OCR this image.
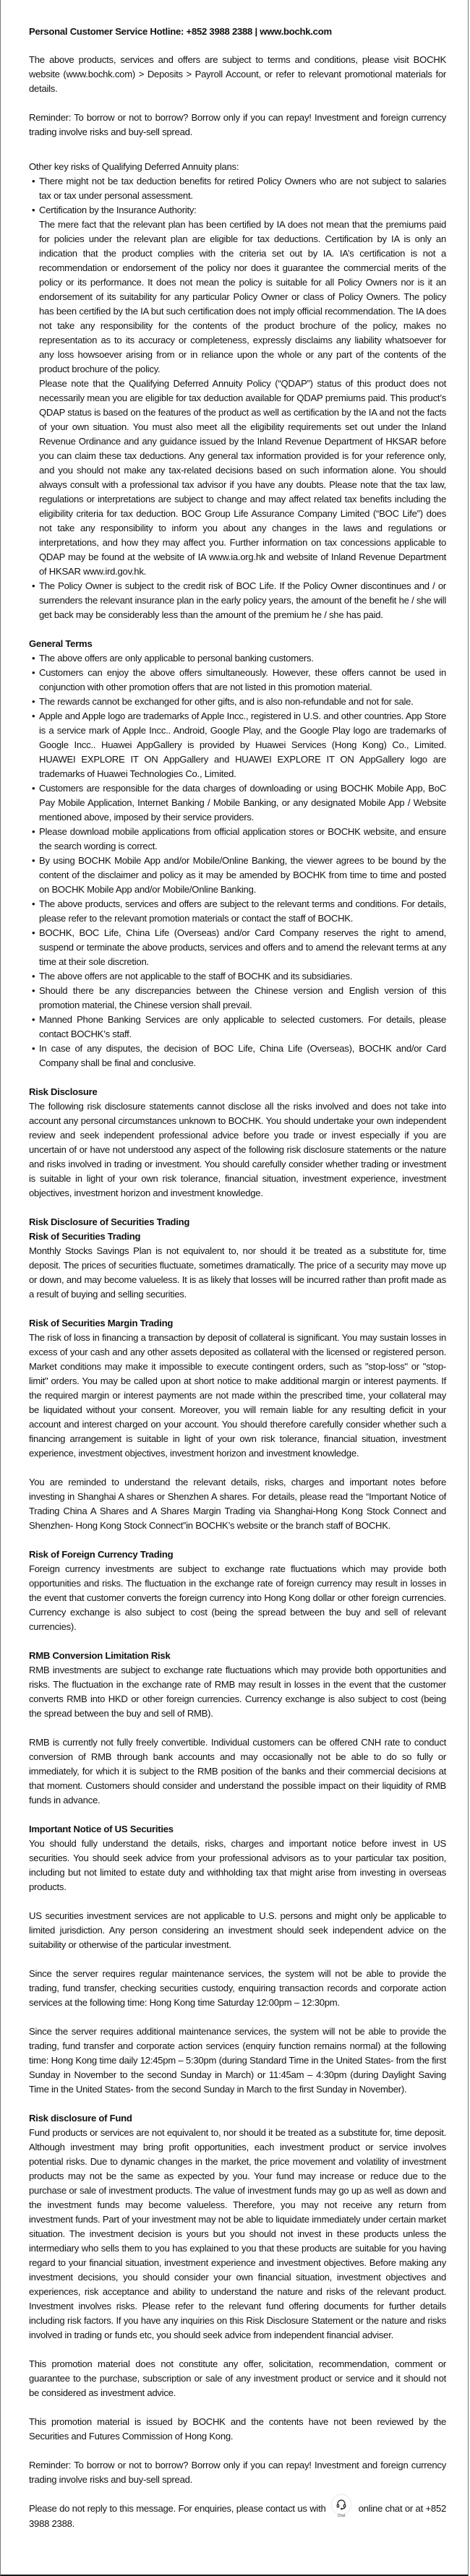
Personal Customer Service Hotline: +852 3988 2388 | www.bochk.com

The above products, services and offers are subject to terms and conditions, please visit BOCHK website (www.bochk.com) > Deposits > Payroll Account, or refer to relevant promotional materials for details.

Reminder: To borrow or not to borrow? Borrow only if you can repay! Investment and foreign currency trading involve risks and buy-sell spread.

Other key risks of Qualifying Deferred Annuity plans:

• There might not be tax deduction benefits for retired Policy Owners who are not subject to salaries tax or tax under personal assessment.
• Certification by the Insurance Authority:
The mere fact that the relevant plan has been certified by IA does not mean that the premiums paid for policies under the relevant plan are eligible for tax deductions. Certification by IA is only an indication that the product complies with the criteria set out by IA. IA’s certification is not a recommendation or endorsement of the policy nor does it guarantee the commercial merits of the policy or its performance. It does not mean the policy is suitable for all Policy Owners nor is it an endorsement of its suitability for any particular Policy Owner or class of Policy Owners. The policy has been certified by the IA but such certification does not imply official recommendation. The IA does not take any responsibility for the contents of the product brochure of the policy, makes no representation as to its accuracy or completeness, expressly disclaims any liability whatsoever for any loss howsoever arising from or in reliance upon the whole or any part of the contents of the product brochure of the policy.
Please note that the Qualifying Deferred Annuity Policy (“QDAP”) status of this product does not necessarily mean you are eligible for tax deduction available for QDAP premiums paid. This product’s QDAP status is based on the features of the product as well as certification by the IA and not the facts of your own situation. You must also meet all the eligibility requirements set out under the Inland Revenue Ordinance and any guidance issued by the Inland Revenue Department of HKSAR before you can claim these tax deductions. Any general tax information provided is for your reference only, and you should not make any tax-related decisions based on such information alone. You should always consult with a professional tax advisor if you have any doubts. Please note that the tax law, regulations or interpretations are subject to change and may affect related tax benefits including the eligibility criteria for tax deduction. BOC Group Life Assurance Company Limited (“BOC Life”) does not take any responsibility to inform you about any changes in the laws and regulations or interpretations, and how they may affect you. Further information on tax concessions applicable to QDAP may be found at the website of IA www.ia.org.hk and website of Inland Revenue Department of HKSAR www.ird.gov.hk.
• The Policy Owner is subject to the credit risk of BOC Life. If the Policy Owner discontinues and / or surrenders the relevant insurance plan in the early policy years, the amount of the benefit he / she will get back may be considerably less than the amount of the premium he / she has paid.

General Terms

• The above offers are only applicable to personal banking customers.
• Customers can enjoy the above offers simultaneously. However, these offers cannot be used in conjunction with other promotion offers that are not listed in this promotion material.
• The rewards cannot be exchanged for other gifts, and is also non-refundable and not for sale.
• Apple and Apple logo are trademarks of Apple Incc., registered in U.S. and other countries. App Store is a service mark of Apple Incc.. Android, Google Play, and the Google Play logo are trademarks of Google Incc.. Huawei AppGallery is provided by Huawei Services (Hong Kong) Co., Limited. HUAWEI EXPLORE IT ON AppGallery and HUAWEI EXPLORE IT ON AppGallery logo are trademarks of Huawei Technologies Co., Limited.
• Customers are responsible for the data charges of downloading or using BOCHK Mobile App, BoC Pay Mobile Application, Internet Banking / Mobile Banking, or any designated Mobile App / Website mentioned above, imposed by their service providers.
• Please download mobile applications from official application stores or BOCHK website, and ensure the search wording is correct.
• By using BOCHK Mobile App and/or Mobile/Online Banking, the viewer agrees to be bound by the content of the disclaimer and policy as it may be amended by BOCHK from time to time and posted on BOCHK Mobile App and/or Mobile/Online Banking.
• The above products, services and offers are subject to the relevant terms and conditions. For details, please refer to the relevant promotion materials or contact the staff of BOCHK.
• BOCHK, BOC Life, China Life (Overseas) and/or Card Company reserves the right to amend, suspend or terminate the above products, services and offers and to amend the relevant terms at any time at their sole discretion.
• The above offers are not applicable to the staff of BOCHK and its subsidiaries.
• Should there be any discrepancies between the Chinese version and English version of this promotion material, the Chinese version shall prevail.
• Manned Phone Banking Services are only applicable to selected customers. For details, please contact BOCHK’s staff.
• In case of any disputes, the decision of BOC Life, China Life (Overseas), BOCHK and/or Card Company shall be final and conclusive.

Risk Disclosure

The following risk disclosure statements cannot disclose all the risks involved and does not take into account any personal circumstances unknown to BOCHK. You should undertake your own independent review and seek independent professional advice before you trade or invest especially if you are uncertain of or have not understood any aspect of the following risk disclosure statements or the nature and risks involved in trading or investment. You should carefully consider whether trading or investment is suitable in light of your own risk tolerance, financial situation, investment experience, investment objectives, investment horizon and investment knowledge.

Risk Disclosure of Securities Trading

Risk of Securities Trading

Monthly Stocks Savings Plan is not equivalent to, nor should it be treated as a substitute for, time deposit. The prices of securities fluctuate, sometimes dramatically. The price of a security may move up or down, and may become valueless. It is as likely that losses will be incurred rather than profit made as a result of buying and selling securities.

Risk of Securities Margin Trading

The risk of loss in financing a transaction by deposit of collateral is significant. You may sustain losses in excess of your cash and any other assets deposited as collateral with the licensed or registered person. Market conditions may make it impossible to execute contingent orders, such as "stop-loss" or "stop- limit" orders. You may be called upon at short notice to make additional margin or interest payments. If the required margin or interest payments are not made within the prescribed time, your collateral may be liquidated without your consent. Moreover, you will remain liable for any resulting deficit in your account and interest charged on your account. You should therefore carefully consider whether such a financing arrangement is suitable in light of your own risk tolerance, financial situation, investment experience, investment objectives, investment horizon and investment knowledge.

You are reminded to understand the relevant details, risks, charges and important notes before investing in Shanghai A shares or Shenzhen A shares. For details, please read the “Important Notice of Trading China A Shares and A Shares Margin Trading via Shanghai-Hong Kong Stock Connect and Shenzhen- Hong Kong Stock Connect”in BOCHK’s website or the branch staff of BOCHK.

Risk of Foreign Currency Trading

Foreign currency investments are subject to exchange rate fluctuations which may provide both opportunities and risks. The fluctuation in the exchange rate of foreign currency may result in losses in the event that customer converts the foreign currency into Hong Kong dollar or other foreign currencies. Currency exchange is also subject to cost (being the spread between the buy and sell of relevant currencies).

RMB Conversion Limitation Risk

RMB investments are subject to exchange rate fluctuations which may provide both opportunities and risks. The fluctuation in the exchange rate of RMB may result in losses in the event that the customer converts RMB into HKD or other foreign currencies. Currency exchange is also subject to cost (being the spread between the buy and sell of RMB).

RMB is currently not fully freely convertible. Individual customers can be offered CNH rate to conduct conversion of RMB through bank accounts and may occasionally not be able to do so fully or immediately, for which it is subject to the RMB position of the banks and their commercial decisions at that moment. Customers should consider and understand the possible impact on their liquidity of RMB funds in advance.

Important Notice of US Securities

You should fully understand the details, risks, charges and important notice before invest in US securities. You should seek advice from your professional advisors as to your particular tax position, including but not limited to estate duty and withholding tax that might arise from investing in overseas products.

US securities investment services are not applicable to U.S. persons and might only be applicable to limited jurisdiction. Any person considering an investment should seek independent advice on the suitability or otherwise of the particular investment.

Since the server requires regular maintenance services, the system will not be able to provide the trading, fund transfer, checking securities custody, enquiring transaction records and corporate action services at the following time: Hong Kong time Saturday 12:00pm – 12:30pm.

Since the server requires additional maintenance services, the system will not be able to provide the trading, fund transfer and corporate action services (enquiry function remains normal) at the following time: Hong Kong time daily 12:45pm – 5:30pm (during Standard Time in the United States- from the first Sunday in November to the second Sunday in March) or 11:45am – 4:30pm (during Daylight Saving Time in the United States- from the second Sunday in March to the first Sunday in November).

Risk disclosure of Fund

Fund products or services are not equivalent to, nor should it be treated as a substitute for, time deposit. Although investment may bring profit opportunities, each investment product or service involves potential risks. Due to dynamic changes in the market, the price movement and volatility of investment products may not be the same as expected by you. Your fund may increase or reduce due to the purchase or sale of investment products. The value of investment funds may go up as well as down and the investment funds may become valueless. Therefore, you may not receive any return from investment funds. Part of your investment may not be able to liquidate immediately under certain market situation. The investment decision is yours but you should not invest in these products unless the intermediary who sells them to you has explained to you that these products are suitable for you having regard to your financial situation, investment experience and investment objectives. Before making any investment decisions, you should consider your own financial situation, investment objectives and experiences, risk acceptance and ability to understand the nature and risks of the relevant product. Investment involves risks. Please refer to the relevant fund offering documents for further details including risk factors. If you have any inquiries on this Risk Disclosure Statement or the nature and risks involved in trading or funds etc, you should seek advice from independent financial adviser.

This promotion material does not constitute any offer, solicitation, recommendation, comment or guarantee to the purchase, subscription or sale of any investment product or service and it should not be considered as investment advice.

This promotion material is issued by BOCHK and the contents have not been reviewed by the Securities and Futures Commission of Hong Kong.

Reminder: To borrow or not to borrow? Borrow only if you can repay! Investment and foreign currency trading involve risks and buy-sell spread.

Please do not reply to this message. For enquiries, please contact us with
Chat
online chat or at +852 3988 2388.
